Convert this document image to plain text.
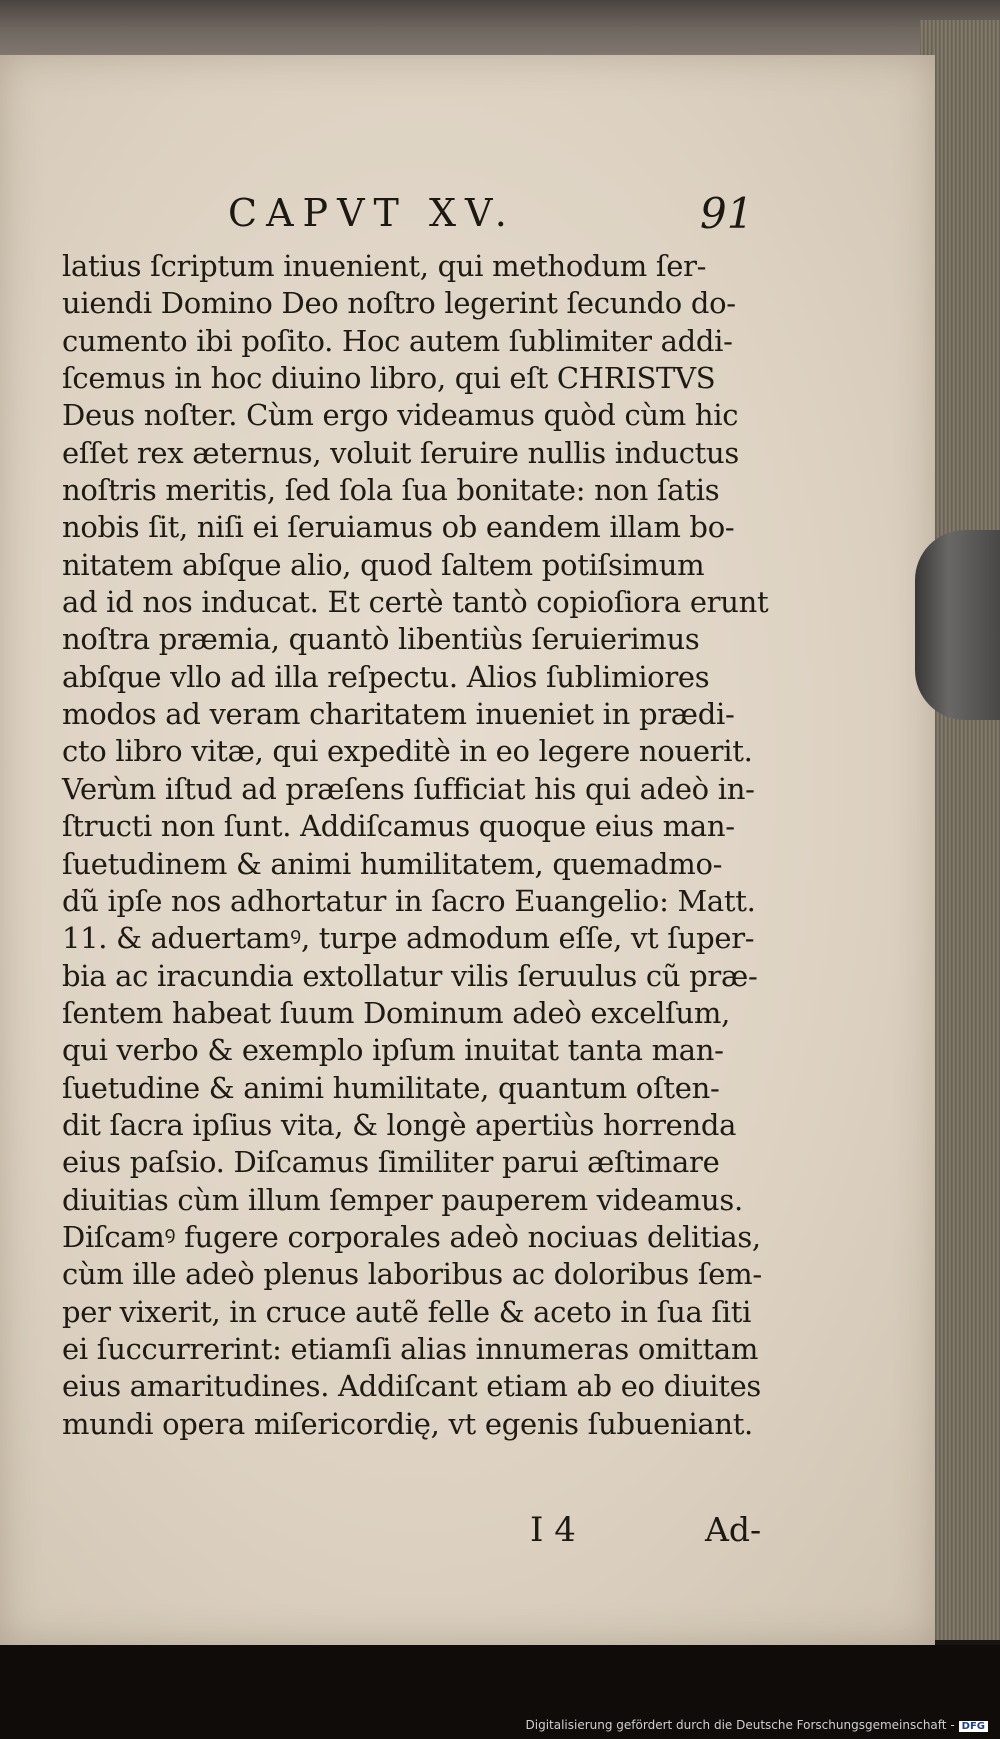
CAPVT XV.	91
latius ſcriptum inuenient, qui methodum ſer-
uiendi Domino Deo noſtro legerint ſecundo do-
cumento ibi poſito. Hoc autem ſublimiter addi-
ſcemus in hoc diuino libro, qui eſt CHRISTVS
Deus noſter. Cùm ergo videamus quòd cùm hic
eſſet rex æternus, voluit ſeruire nullis inductus
noſtris meritis, ſed ſola ſua bonitate: non ſatis
nobis ſit, niſi ei ſeruiamus ob eandem illam bo-
nitatem abſque alio, quod ſaltem potiſsimum
ad id nos inducat. Et certè tantò copioſiora erunt
noſtra præmia, quantò libentiùs ſeruierimus
abſque vllo ad illa reſpectu. Alios ſublimiores
modos ad veram charitatem inueniet in prædi-
cto libro vitæ, qui expeditè in eo legere nouerit.
Verùm iſtud ad præſens ſufficiat his qui adeò in-
ſtructi non ſunt. Addiſcamus quoque eius man-
ſuetudinem & animi humilitatem, quemadmo-
dũ ipſe nos adhortatur in ſacro Euangelio: Matt.
11. & aduertamꝰ, turpe admodum eſſe, vt ſuper-
bia ac iracundia extollatur vilis ſeruulus cũ præ-
ſentem habeat ſuum Dominum adeò excelſum,
qui verbo & exemplo ipſum inuitat tanta man-
ſuetudine & animi humilitate, quantum oſten-
dit ſacra ipſius vita, & longè apertiùs horrenda
eius paſsio. Diſcamus ſimiliter parui æſtimare
diuitias cùm illum ſemper pauperem videamus.
Diſcamꝰ fugere corporales adeò nociuas delitias,
cùm ille adeò plenus laboribus ac doloribus ſem-
per vixerit, in cruce autẽ felle & aceto in ſua ſiti
ei ſuccurrerint: etiamſi alias innumeras omittam
eius amaritudines. Addiſcant etiam ab eo diuites
mundi opera miſericordię, vt egenis ſubueniant.
I 4	Ad-
Digitalisierung gefördert durch die Deutsche Forschungsgemeinschaft - DFG
